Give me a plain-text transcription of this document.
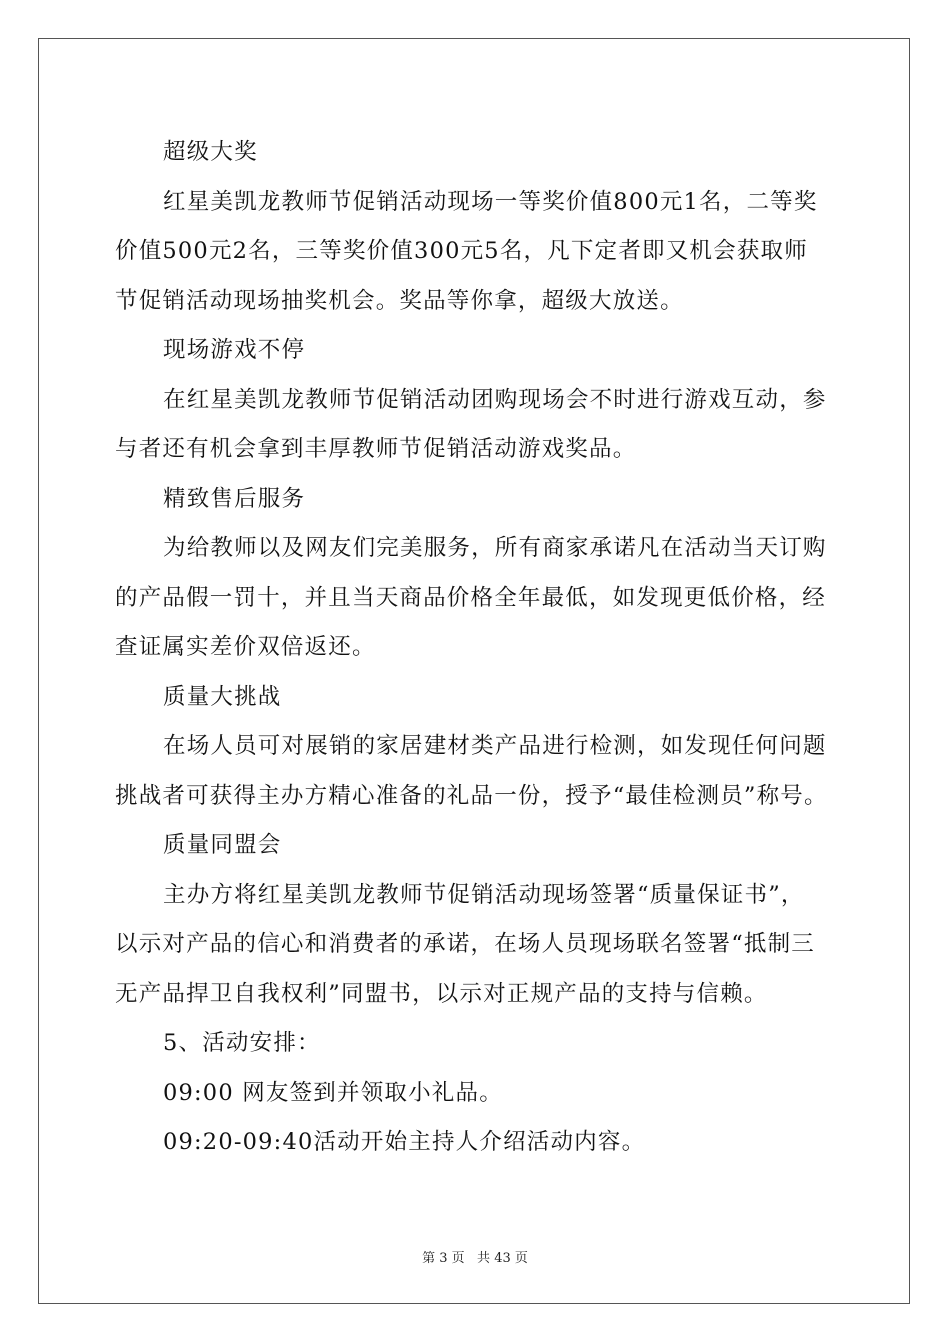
超级大奖
红星美凯龙教师节促销活动现场一等奖价值800元1名，二等奖
价值500元2名，三等奖价值300元5名，凡下定者即又机会获取师
节促销活动现场抽奖机会。奖品等你拿，超级大放送。
现场游戏不停
在红星美凯龙教师节促销活动团购现场会不时进行游戏互动，参
与者还有机会拿到丰厚教师节促销活动游戏奖品。
精致售后服务
为给教师以及网友们完美服务，所有商家承诺凡在活动当天订购
的产品假一罚十，并且当天商品价格全年最低，如发现更低价格，经
查证属实差价双倍返还。
质量大挑战
在场人员可对展销的家居建材类产品进行检测，如发现任何问题
挑战者可获得主办方精心准备的礼品一份，授予“最佳检测员”称号。
质量同盟会
主办方将红星美凯龙教师节促销活动现场签署“质量保证书”，
以示对产品的信心和消费者的承诺，在场人员现场联名签署“抵制三
无产品捍卫自我权利”同盟书，以示对正规产品的支持与信赖。
5、活动安排：
09:00 网友签到并领取小礼品。
09:20-09:40活动开始主持人介绍活动内容。
第 3 页   共 43 页
